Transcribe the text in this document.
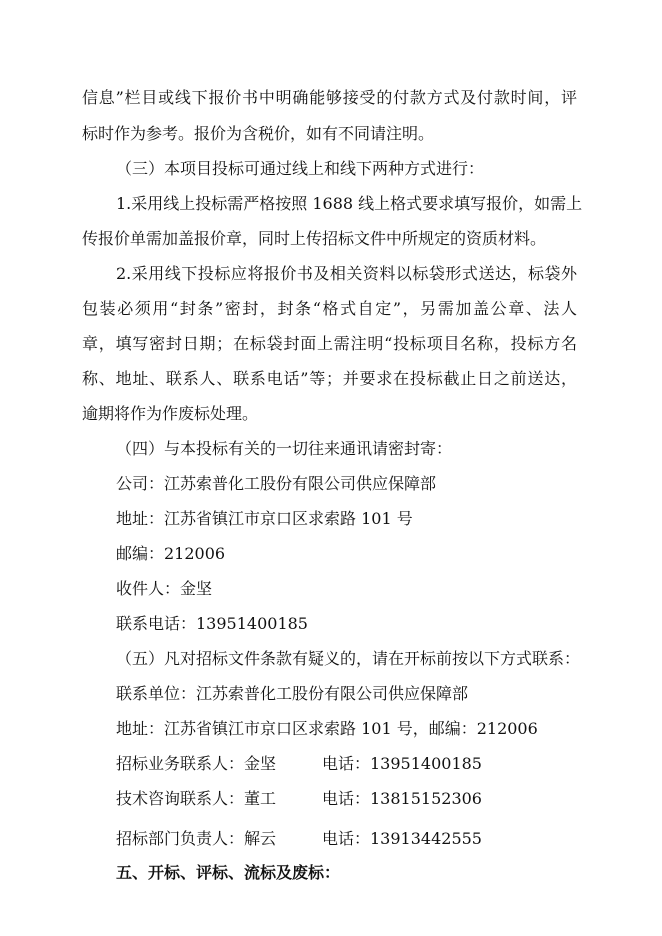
信息”栏目或线下报价书中明确能够接受的付款方式及付款时间，评
标时作为参考。报价为含税价，如有不同请注明。
（三）本项目投标可通过线上和线下两种方式进行：
1.采用线上投标需严格按照 1688 线上格式要求填写报价，如需上
传报价单需加盖报价章，同时上传招标文件中所规定的资质材料。
2.采用线下投标应将报价书及相关资料以标袋形式送达，标袋外
包装必须用“封条”密封，封条“格式自定”，另需加盖公章、法人
章，填写密封日期；在标袋封面上需注明“投标项目名称，投标方名
称、地址、联系人、联系电话”等；并要求在投标截止日之前送达，
逾期将作为作废标处理。
（四）与本投标有关的一切往来通讯请密封寄：
公司：江苏索普化工股份有限公司供应保障部
地址：江苏省镇江市京口区求索路 101 号
邮编：212006
收件人：金坚
联系电话：13951400185
（五）凡对招标文件条款有疑义的，请在开标前按以下方式联系：
联系单位：江苏索普化工股份有限公司供应保障部
地址：江苏省镇江市京口区求索路 101 号，邮编：212006
招标业务联系人：金坚	电话：13951400185
技术咨询联系人：董工	电话：13815152306
招标部门负责人：解云	电话：13913442555
五、开标、评标、流标及废标：
